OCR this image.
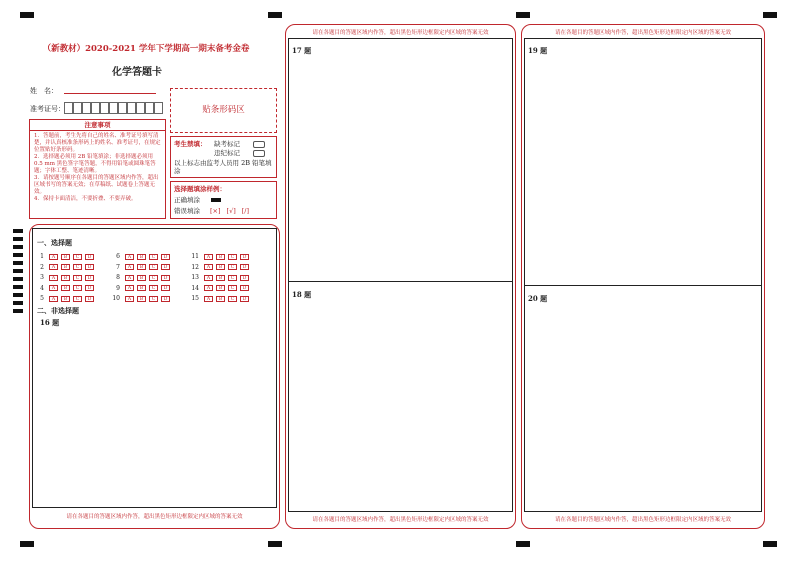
（新教材）2020-2021 学年下学期高一期末备考金卷
化学答题卡
姓　名：
准考证号：	贴条形码区
注意事项
1．答题前，考生先将自己的姓名、准考证号填写清楚，并认真核准条形码上的姓名、准考证号，在规定位置贴好条形码。
2．选择题必须用 2B 铅笔填涂；非选择题必须用 0.5 mm 黑色签字笔答题，不得用铅笔或圆珠笔答题；字体工整、笔迹清晰。
3．请按题号顺序在各题目的答题区域内作答，超出区域书写的答案无效；在草稿纸、试题卷上答题无效。
4．保持卡面清洁，不要折叠、不要弄破。
考生禁填： 缺考标记
违纪标记
以上标志由监考人员用 2B 铅笔填涂
选择题填涂样例：
正确填涂
错误填涂 [×] [√] [/]
一、选择题
1	A	B	C	D
2	A	B	C	D
3	A	B	C	D
4	A	B	C	D
5	A	B	C	D
6	A	B	C	D
7	A	B	C	D
8	A	B	C	D
9	A	B	C	D
10	A	B	C	D
11	A	B	C	D
12	A	B	C	D
13	A	B	C	D
14	A	B	C	D
15	A	B	C	D
二、非选择题
16 题
请在各题目的答题区域内作答，超出黑色矩形边框限定内区域的答案无效
请在各题目的答题区域内作答，超出黑色矩形边框限定内区域的答案无效
17 题
18 题
请在各题目的答题区域内作答，超出黑色矩形边框限定内区域的答案无效
请在各题目的答题区域内作答，超出黑色矩形边框限定内区域的答案无效
19 题
20 题
请在各题目的答题区域内作答，超出黑色矩形边框限定内区域的答案无效
